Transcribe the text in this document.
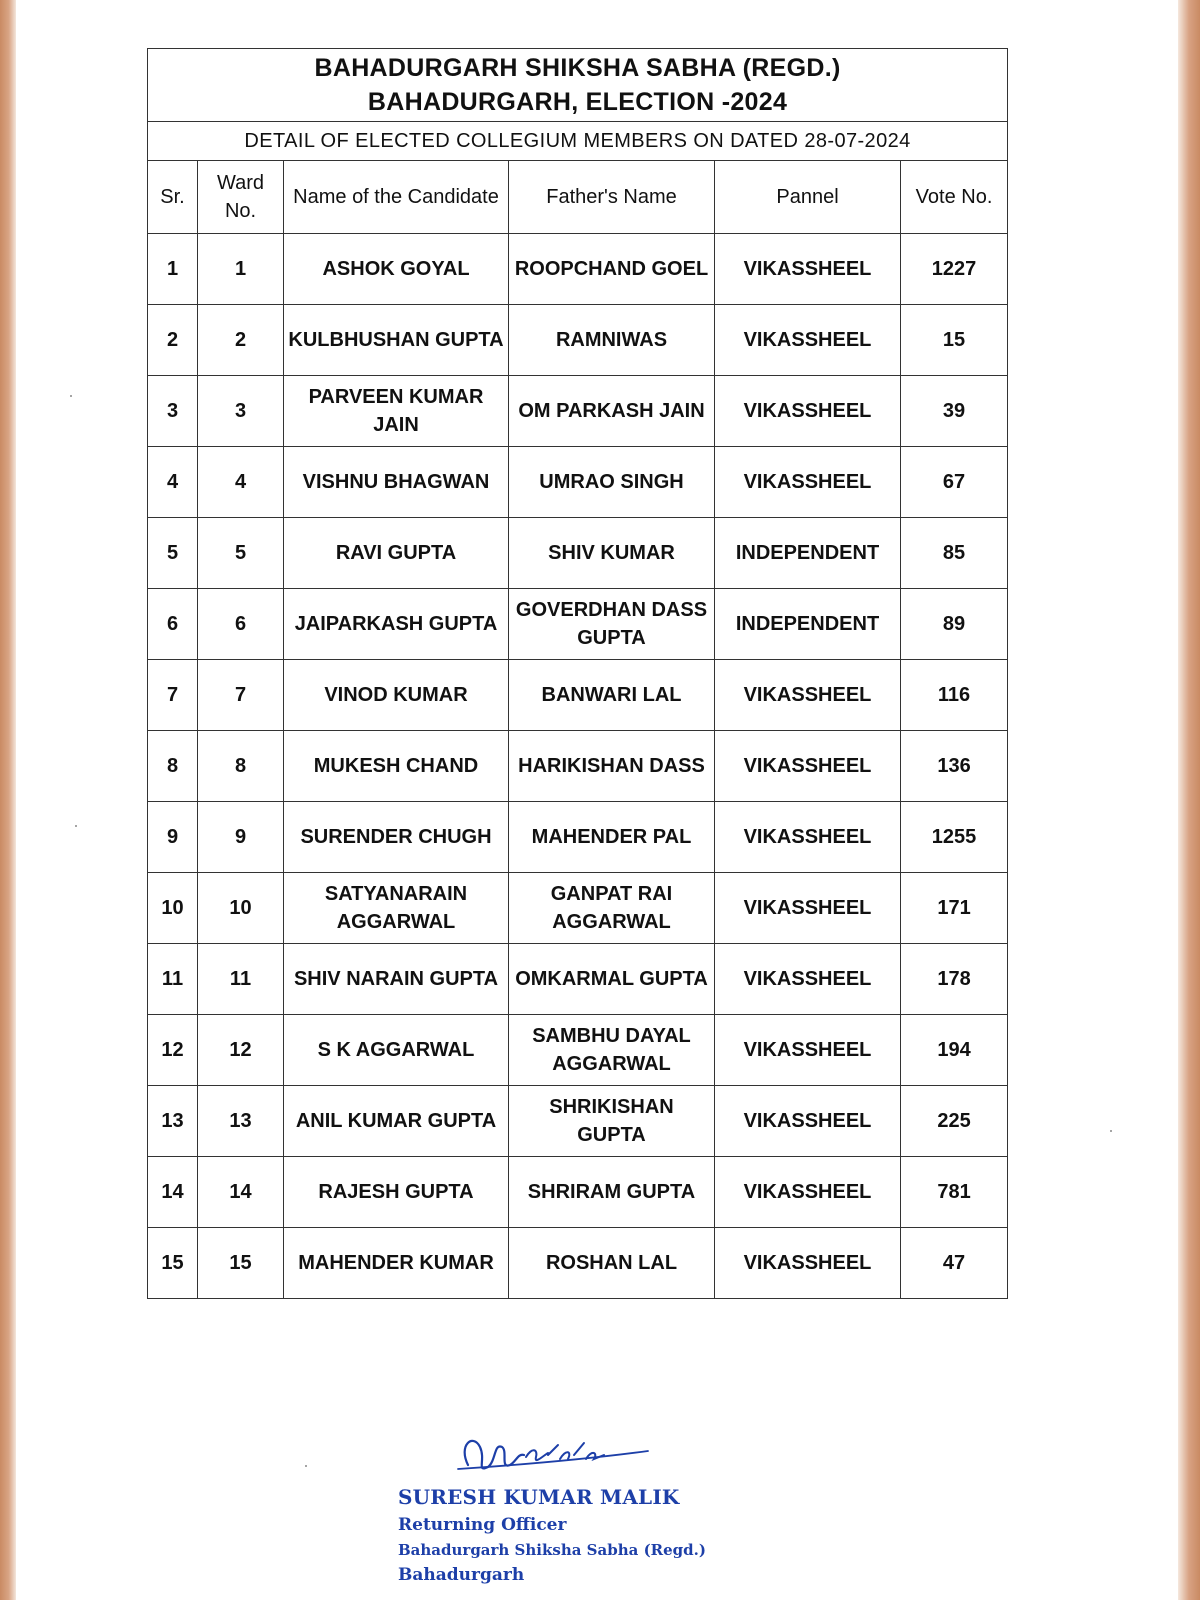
BAHADURGARH SHIKSHA SABHA (REGD.)
BAHADURGARH, ELECTION -2024					

DETAIL OF ELECTED COLLEGIUM MEMBERS ON DATED 28-07-2024					
Sr.	Ward No.	Name of the Candidate	Father's Name	Pannel	Vote No.
1	1	ASHOK GOYAL	ROOPCHAND GOEL	VIKASSHEEL	1227
2	2	KULBHUSHAN GUPTA	RAMNIWAS	VIKASSHEEL	15
3	3	PARVEEN KUMAR JAIN	OM PARKASH JAIN	VIKASSHEEL	39
4	4	VISHNU BHAGWAN	UMRAO SINGH	VIKASSHEEL	67
5	5	RAVI GUPTA	SHIV KUMAR	INDEPENDENT	85
6	6	JAIPARKASH GUPTA	GOVERDHAN DASS GUPTA	INDEPENDENT	89
7	7	VINOD KUMAR	BANWARI LAL	VIKASSHEEL	116
8	8	MUKESH CHAND	HARIKISHAN DASS	VIKASSHEEL	136
9	9	SURENDER CHUGH	MAHENDER PAL	VIKASSHEEL	1255
10	10	SATYANARAIN AGGARWAL	GANPAT RAI AGGARWAL	VIKASSHEEL	171
11	11	SHIV NARAIN GUPTA	OMKARMAL GUPTA	VIKASSHEEL	178
12	12	S K AGGARWAL	SAMBHU DAYAL AGGARWAL	VIKASSHEEL	194
13	13	ANIL KUMAR GUPTA	SHRIKISHAN GUPTA	VIKASSHEEL	225
14	14	RAJESH GUPTA	SHRIRAM GUPTA	VIKASSHEEL	781
15	15	MAHENDER KUMAR	ROSHAN LAL	VIKASSHEEL	47
SURESH KUMAR MALIK
Returning Officer
Bahadurgarh Shiksha Sabha (Regd.)
Bahadurgarh
